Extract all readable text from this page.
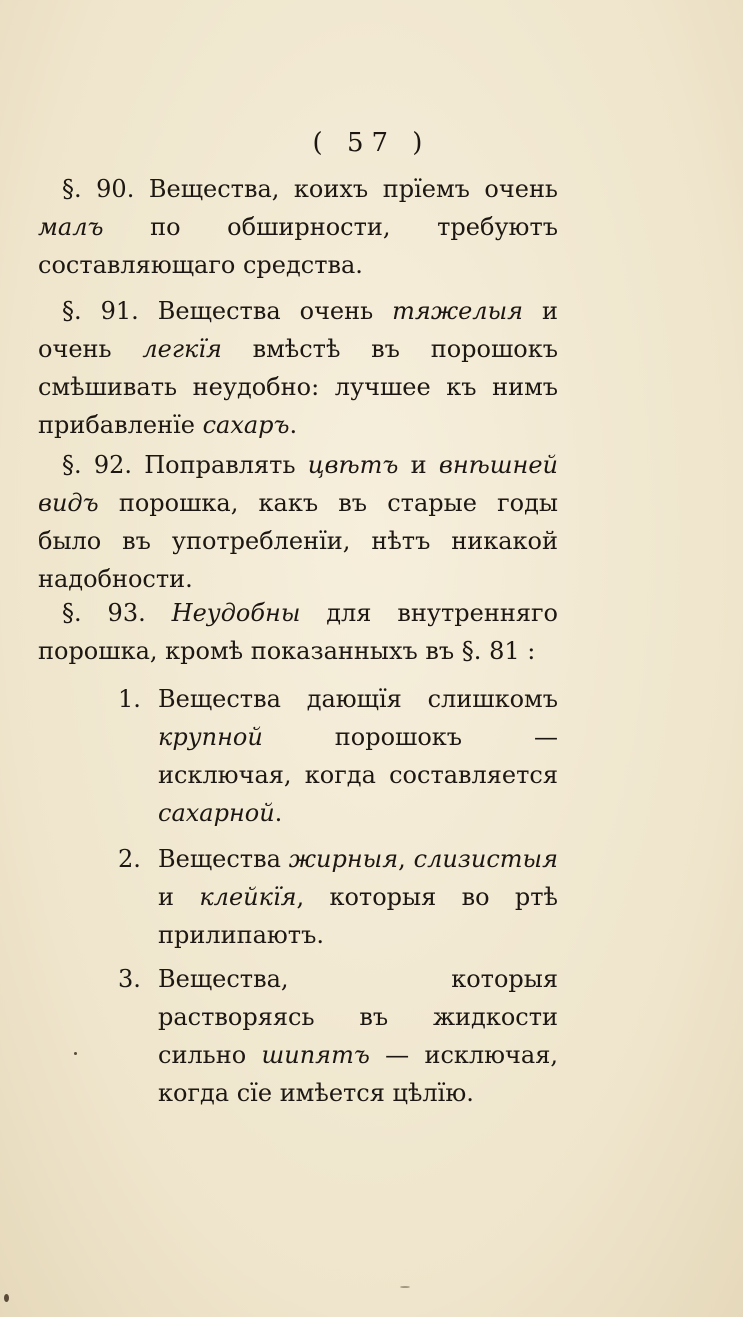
( 57 )
§. 90. Вещества, коихъ прїемъ очень малъ по обширности, требуютъ составляющаго средства.
§. 91. Вещества очень тяжелыя и очень легкїя вмѣстѣ въ порошокъ смѣшивать неудобно: лучшее къ нимъ прибавленїе сахаръ.
§. 92. Поправлять цвѣтъ и внѣшней видъ порошка, какъ въ старые годы было въ употребленїи, нѣтъ никакой надобности.
§. 93. Неудобны для внутренняго порошка, кромѣ показанныхъ въ §. 81 :
1. Вещества дающїя слишкомъ крупной порошокъ — исключая, когда составляется сахарной.
2. Вещества жирныя, слизистыя и клейкїя, которыя во ртѣ прилипаютъ.
3. Вещества, которыя растворяясь въ жидкости сильно шипятъ — исключая, когда сїе имѣется цѣлїю.
